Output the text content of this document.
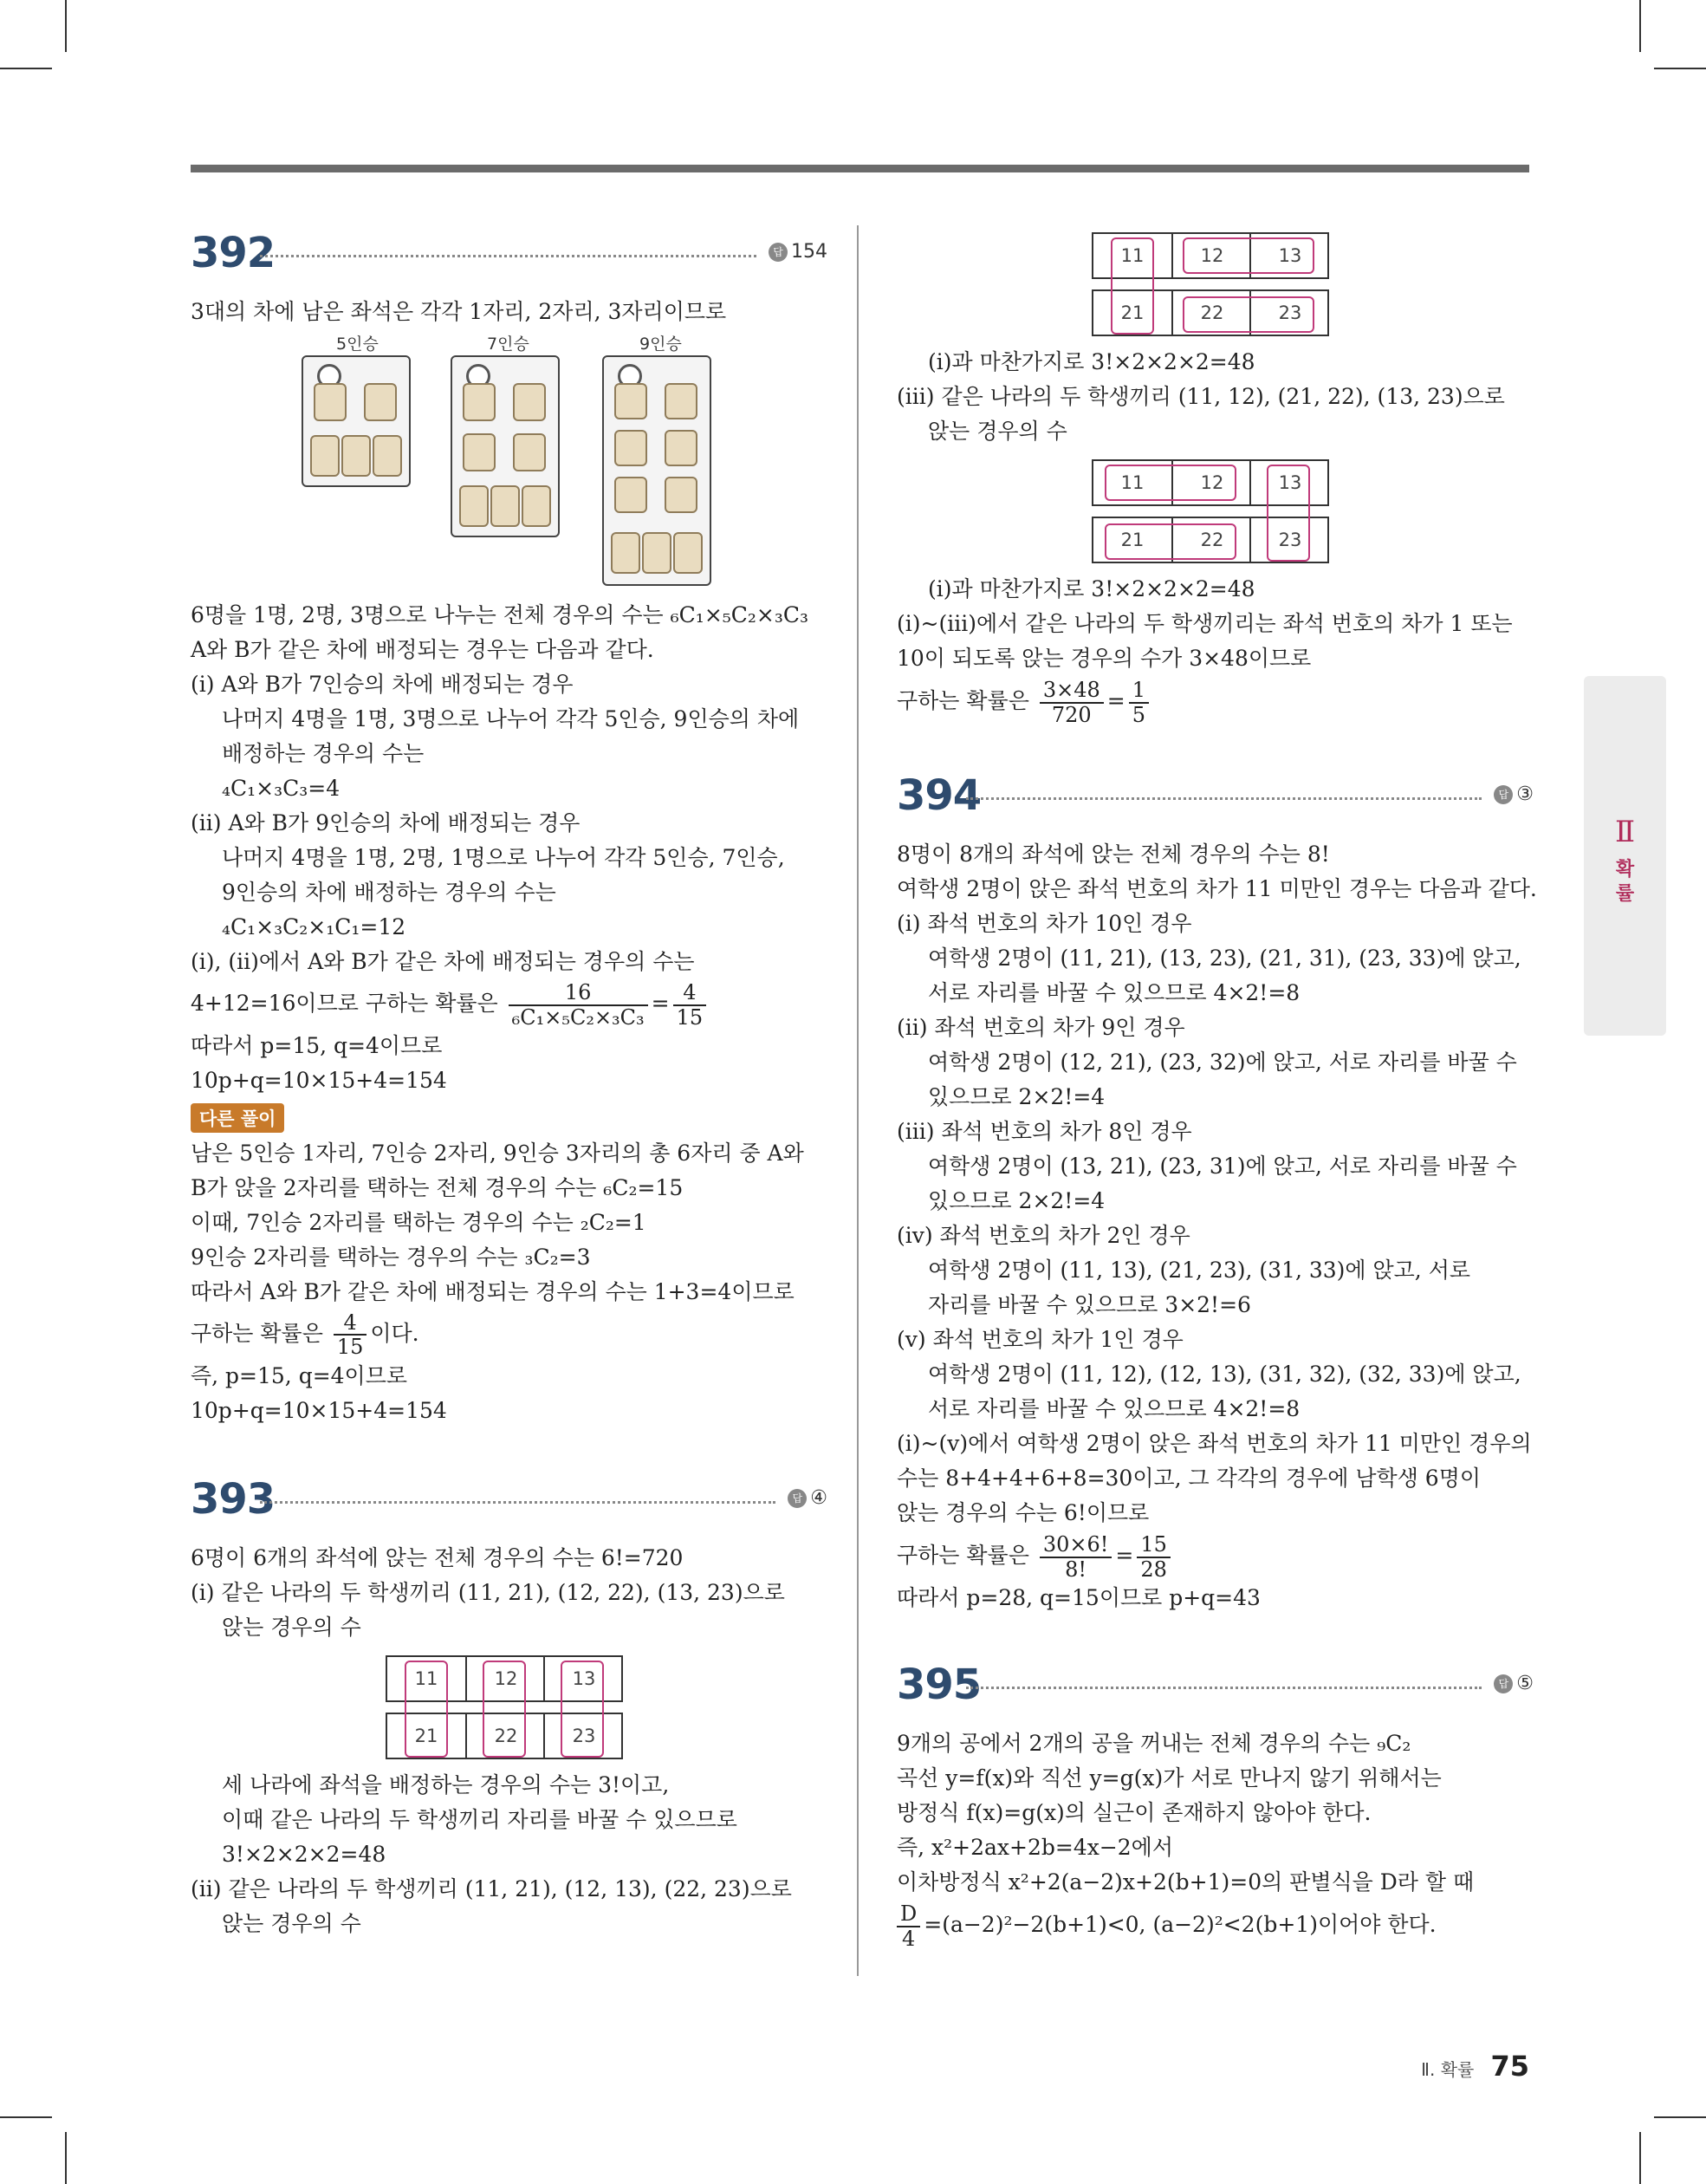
392	답 154
3대의 차에 남은 좌석은 각각 1자리, 2자리, 3자리이므로
5인승	7인승	9인승
6명을 1명, 2명, 3명으로 나누는 전체 경우의 수는 ₆C₁×₅C₂×₃C₃
A와 B가 같은 차에 배정되는 경우는 다음과 같다.
(ⅰ) A와 B가 7인승의 차에 배정되는 경우
나머지 4명을 1명, 3명으로 나누어 각각 5인승, 9인승의 차에
배정하는 경우의 수는
₄C₁×₃C₃=4
(ⅱ) A와 B가 9인승의 차에 배정되는 경우
나머지 4명을 1명, 2명, 1명으로 나누어 각각 5인승, 7인승,
9인승의 차에 배정하는 경우의 수는
₄C₁×₃C₂×₁C₁=12
(ⅰ), (ⅱ)에서 A와 B가 같은 차에 배정되는 경우의 수는
4+12=16이므로 구하는 확률은 $\frac{16}{\text{₆C₁×₅C₂×₃C₃}} = \frac{4}{15}$
따라서 p=15, q=4이므로
10p+q=10×15+4=154
다른 풀이
남은 5인승 1자리, 7인승 2자리, 9인승 3자리의 총 6자리 중 A와
B가 앉을 2자리를 택하는 전체 경우의 수는 ₆C₂=15
이때, 7인승 2자리를 택하는 경우의 수는 ₂C₂=1
9인승 2자리를 택하는 경우의 수는 ₃C₂=3
따라서 A와 B가 같은 차에 배정되는 경우의 수는 1+3=4이므로
구하는 확률은 $\frac{4}{15}$ 이다.
즉, p=15, q=4이므로
10p+q=10×15+4=154
393	답 ④
6명이 6개의 좌석에 앉는 전체 경우의 수는 6!=720
(ⅰ) 같은 나라의 두 학생끼리 (11, 21), (12, 22), (13, 23)으로
앉는 경우의 수
11	12	13
21	22	23
세 나라에 좌석을 배정하는 경우의 수는 3!이고,
이때 같은 나라의 두 학생끼리 자리를 바꿀 수 있으므로
3!×2×2×2=48
(ⅱ) 같은 나라의 두 학생끼리 (11, 21), (12, 13), (22, 23)으로
앉는 경우의 수
11	12	13
21	22	23
(ⅰ)과 마찬가지로 3!×2×2×2=48
(ⅲ) 같은 나라의 두 학생끼리 (11, 12), (21, 22), (13, 23)으로
앉는 경우의 수
11	12	13
21	22	23
(ⅰ)과 마찬가지로 3!×2×2×2=48
(ⅰ)~(ⅲ)에서 같은 나라의 두 학생끼리는 좌석 번호의 차가 1 또는
10이 되도록 앉는 경우의 수가 3×48이므로
구하는 확률은 $\frac{3\times 48}{720} = \frac{1}{5}$
394	답 ③
8명이 8개의 좌석에 앉는 전체 경우의 수는 8!
여학생 2명이 앉은 좌석 번호의 차가 11 미만인 경우는 다음과 같다.
(ⅰ) 좌석 번호의 차가 10인 경우
여학생 2명이 (11, 21), (13, 23), (21, 31), (23, 33)에 앉고,
서로 자리를 바꿀 수 있으므로 4×2!=8
(ⅱ) 좌석 번호의 차가 9인 경우
여학생 2명이 (12, 21), (23, 32)에 앉고, 서로 자리를 바꿀 수
있으므로 2×2!=4
(ⅲ) 좌석 번호의 차가 8인 경우
여학생 2명이 (13, 21), (23, 31)에 앉고, 서로 자리를 바꿀 수
있으므로 2×2!=4
(ⅳ) 좌석 번호의 차가 2인 경우
여학생 2명이 (11, 13), (21, 23), (31, 33)에 앉고, 서로
자리를 바꿀 수 있으므로 3×2!=6
(ⅴ) 좌석 번호의 차가 1인 경우
여학생 2명이 (11, 12), (12, 13), (31, 32), (32, 33)에 앉고,
서로 자리를 바꿀 수 있으므로 4×2!=8
(ⅰ)~(ⅴ)에서 여학생 2명이 앉은 좌석 번호의 차가 11 미만인 경우의
수는 8+4+4+6+8=30이고, 그 각각의 경우에 남학생 6명이
앉는 경우의 수는 6!이므로
구하는 확률은 $\frac{30\times 6!}{8!} = \frac{15}{28}$
따라서 p=28, q=15이므로 p+q=43
395	답 ⑤
9개의 공에서 2개의 공을 꺼내는 전체 경우의 수는 ₉C₂
곡선 y=f(x)와 직선 y=g(x)가 서로 만나지 않기 위해서는
방정식 f(x)=g(x)의 실근이 존재하지 않아야 한다.
즉, x²+2ax+2b=4x−2에서
이차방정식 x²+2(a−2)x+2(b+1)=0의 판별식을 D라 할 때
$\frac{D}{4} =(a-2)^2-2(b+1)<0$, (a−2)²<2(b+1)이어야 한다.
Ⅱ
확
률
Ⅱ. 확률 75
